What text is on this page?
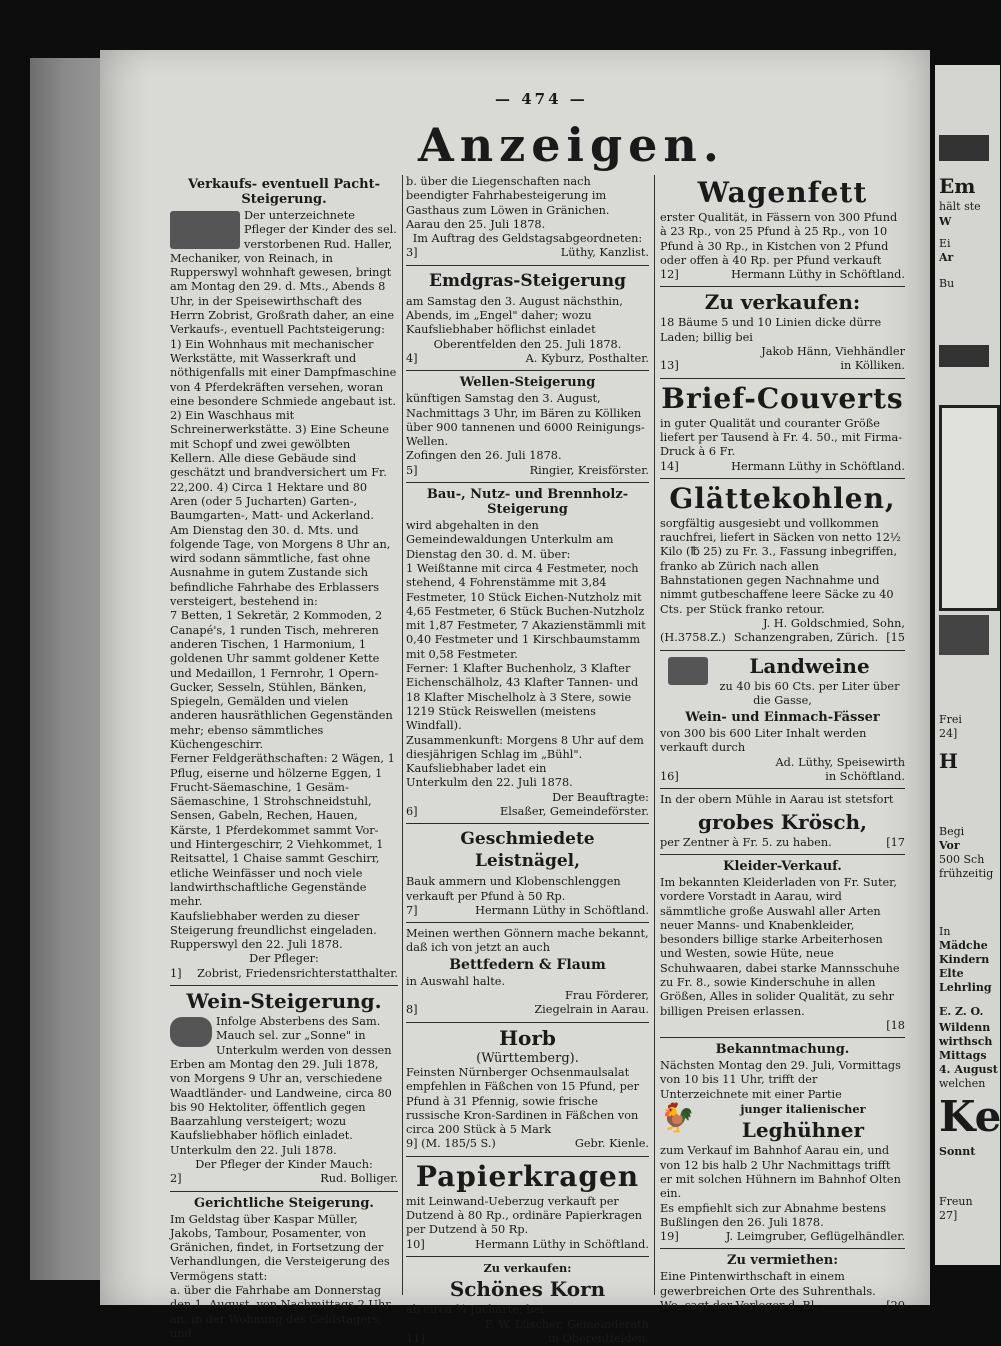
— 474 —
Anzeigen.
Verkaufs- eventuell Pacht-Steigerung.
Der unterzeichnete Pfleger der Kinder des sel. verstorbenen Rud. Haller, Mechaniker, von Reinach, in Rupperswyl wohnhaft gewesen, bringt am Montag den 29. d. Mts., Abends 8 Uhr, in der Speisewirthschaft des Herrn Zobrist, Großrath daher, an eine Verkaufs-, eventuell Pachtsteigerung:
1) Ein Wohnhaus mit mechanischer Werkstätte, mit Wasserkraft und nöthigenfalls mit einer Dampfmaschine von 4 Pferdekräften versehen, woran eine besondere Schmiede angebaut ist. 2) Ein Waschhaus mit Schreinerwerkstätte. 3) Eine Scheune mit Schopf und zwei gewölbten Kellern. Alle diese Gebäude sind geschätzt und brandversichert um Fr. 22,200. 4) Circa 1 Hektare und 80 Aren (oder 5 Jucharten) Garten-, Baumgarten-, Matt- und Ackerland.
Am Dienstag den 30. d. Mts. und folgende Tage, von Morgens 8 Uhr an, wird sodann sämmtliche, fast ohne Ausnahme in gutem Zustande sich befindliche Fahrhabe des Erblassers versteigert, bestehend in:
7 Betten, 1 Sekretär, 2 Kommoden, 2 Canapé's, 1 runden Tisch, mehreren anderen Tischen, 1 Harmonium, 1 goldenen Uhr sammt goldener Kette und Medaillon, 1 Fernrohr, 1 Opern-Gucker, Sesseln, Stühlen, Bänken, Spiegeln, Gemälden und vielen anderen hausräthlichen Gegenständen mehr; ebenso sämmtliches Küchengeschirr.
Ferner Feldgeräthschaften: 2 Wägen, 1 Pflug, eiserne und hölzerne Eggen, 1 Frucht-Säemaschine, 1 Gesäm-Säemaschine, 1 Strohschneidstuhl, Sensen, Gabeln, Rechen, Hauen, Kärste, 1 Pferdekommet sammt Vor- und Hintergeschirr, 2 Viehkommet, 1 Reitsattel, 1 Chaise sammt Geschirr, etliche Weinfässer und noch viele landwirthschaftliche Gegenstände mehr.
Kaufsliebhaber werden zu dieser Steigerung freundlichst eingeladen.
Rupperswyl den 22. Juli 1878.
Der Pfleger:
1] Zobrist, Friedensrichterstatthalter.
Wein-Steigerung.
Infolge Absterbens des Sam. Mauch sel. zur „Sonne" in Unterkulm werden von dessen Erben am Montag den 29. Juli 1878, von Morgens 9 Uhr an, verschiedene Waadtländer- und Landweine, circa 80 bis 90 Hektoliter, öffentlich gegen Baarzahlung versteigert; wozu Kaufsliebhaber höflich einladet.
Unterkulm den 22. Juli 1878.
Der Pfleger der Kinder Mauch:
2]	Rud. Bolliger.
Gerichtliche Steigerung.
Im Geldstag über Kaspar Müller, Jakobs, Tambour, Posamenter, von Gränichen, findet, in Fortsetzung der Verhandlungen, die Versteigerung des Vermögens statt:
a. über die Fahrhabe am Donnerstag den 1. August, von Nachmittags 2 Uhr an, in der Wohnung des Geldstagers; und
b. über die Liegenschaften nach beendigter Fahrhabesteigerung im Gasthaus zum Löwen in Gränichen.
Aarau den 25. Juli 1878.
Im Auftrag des Geldstagsabgeordneten:
3]	Lüthy, Kanzlist.
Emdgras-Steigerung
am Samstag den 3. August nächsthin, Abends, im „Engel" daher; wozu Kaufsliebhaber höflichst einladet
Oberentfelden den 25. Juli 1878.
4]	A. Kyburz, Posthalter.
Wellen-Steigerung
künftigen Samstag den 3. August, Nachmittags 3 Uhr, im Bären zu Kölliken über 900 tannenen und 6000 Reinigungs-Wellen.
Zofingen den 26. Juli 1878.
5]	Ringier, Kreisförster.
Bau-, Nutz- und Brennholz-Steigerung
wird abgehalten in den Gemeindewaldungen Unterkulm am Dienstag den 30. d. M. über:
1 Weißtanne mit circa 4 Festmeter, noch stehend, 4 Fohrenstämme mit 3,84 Festmeter, 10 Stück Eichen-Nutzholz mit 4,65 Festmeter, 6 Stück Buchen-Nutzholz mit 1,87 Festmeter, 7 Akazienstämmli mit 0,40 Festmeter und 1 Kirschbaumstamm mit 0,58 Festmeter.
Ferner: 1 Klafter Buchenholz, 3 Klafter Eichenschälholz, 43 Klafter Tannen- und 18 Klafter Mischelholz à 3 Stere, sowie 1219 Stück Reiswellen (meistens Windfall).
Zusammenkunft: Morgens 8 Uhr auf dem diesjährigen Schlag im „Bühl".
Kaufsliebhaber ladet ein
Unterkulm den 22. Juli 1878.
Der Beauftragte:
6]	Elsaßer, Gemeindeförster.
Geschmiedete Leistnägel,
Bauk ammern und Klobenschlenggen verkauft per Pfund à 50 Rp.
7]	Hermann Lüthy in Schöftland.
Meinen werthen Gönnern mache bekannt, daß ich von jetzt an auch
Bettfedern & Flaum
in Auswahl halte.
Frau Förderer,
8]	Ziegelrain in Aarau.
Horb
(Württemberg).
Feinsten Nürnberger Ochsenmaulsalat empfehlen in Fäßchen von 15 Pfund, per Pfund à 31 Pfennig, sowie frische russische Kron-Sardinen in Fäßchen von circa 200 Stück à 5 Mark
9] (M. 185/5 S.)	Gebr. Kienle.
Papierkragen
mit Leinwand-Ueberzug verkauft per Dutzend à 80 Rp., ordinäre Papierkragen per Dutzend à 50 Rp.
10]	Hermann Lüthy in Schöftland.
Zu verkaufen:
Schönes Korn
ab circa ¾ Jucharte; bei
F. W. Lüscher, Gemeinderath
11]	in Oberentfelden.
Wagenfett
erster Qualität, in Fässern von 300 Pfund à 23 Rp., von 25 Pfund à 25 Rp., von 10 Pfund à 30 Rp., in Kistchen von 2 Pfund oder offen à 40 Rp. per Pfund verkauft
12]	Hermann Lüthy in Schöftland.
Zu verkaufen:
18 Bäume 5 und 10 Linien dicke dürre Laden; billig bei
Jakob Hänn, Viehhändler
13]	in Kölliken.
Brief-Couverts
in guter Qualität und couranter Größe liefert per Tausend à Fr. 4. 50., mit Firma-Druck à 6 Fr.
14]	Hermann Lüthy in Schöftland.
Glättekohlen,
sorgfältig ausgesiebt und vollkommen rauchfrei, liefert in Säcken von netto 12½ Kilo (℔ 25) zu Fr. 3., Fassung inbegriffen, franko ab Zürich nach allen Bahnstationen gegen Nachnahme und nimmt gutbeschaffene leere Säcke zu 40 Cts. per Stück franko retour.
J. H. Goldschmied, Sohn,
(H.3758.Z.) Schanzengraben, Zürich. [15
Landweine
zu 40 bis 60 Cts. per Liter über die Gasse,
Wein- und Einmach-Fässer
von 300 bis 600 Liter Inhalt werden verkauft durch
Ad. Lüthy, Speisewirth
16]	in Schöftland.
In der obern Mühle in Aarau ist stetsfort
grobes Krösch,
per Zentner à Fr. 5. zu haben.	[17
Kleider-Verkauf.
Im bekannten Kleiderladen von Fr. Suter, vordere Vorstadt in Aarau, wird sämmtliche große Auswahl aller Arten neuer Manns- und Knabenkleider, besonders billige starke Arbeiterhosen und Westen, sowie Hüte, neue Schuhwaaren, dabei starke Mannsschuhe zu Fr. 8., sowie Kinderschuhe in allen Größen, Alles in solider Qualität, zu sehr billigen Preisen erlassen.
[18
Bekanntmachung.
Nächsten Montag den 29. Juli, Vormittags von 10 bis 11 Uhr, trifft der Unterzeichnete mit einer Partie
🐓	junger italienischer
Leghühner
zum Verkauf im Bahnhof Aarau ein, und von 12 bis halb 2 Uhr Nachmittags trifft er mit solchen Hühnern im Bahnhof Olten ein.
Es empfiehlt sich zur Abnahme bestens
Bußlingen den 26. Juli 1878.
19]	J. Leimgruber, Geflügelhändler.
Zu vermiethen:
Eine Pintenwirthschaft in einem gewerbreichen Orte des Suhrenthals.
Wo, sagt der Verleger d. Bl.	[20
Em
hält ste
W
Ei
Ar
Bu
Frei
24]
H
Begi
Vor
500 Sch
frühzeitig
In
Mädche
Kindern
Elte
Lehrling
E. Z. O.
Wildenn
wirthsch
Mittags
4. August
welchen
Ke
Sonnt
Freun
27]
